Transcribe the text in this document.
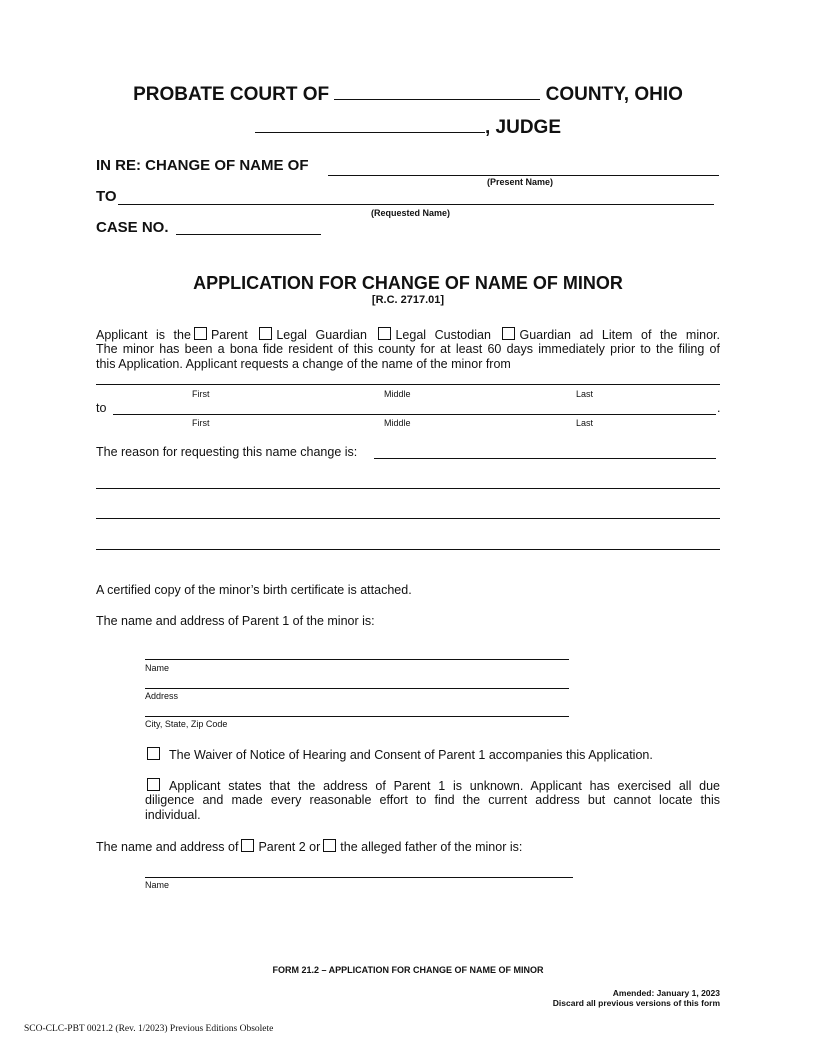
PROBATE COURT OF	COUNTY, OHIO
, JUDGE
IN RE: CHANGE OF NAME OF
(Present Name)
TO
(Requested Name)
CASE NO.
APPLICATION FOR CHANGE OF NAME OF MINOR
[R.C. 2717.01]
Applicant is the Parent Legal Guardian Legal Custodian Guardian ad Litem of the minor.
The minor has been a bona fide resident of this county for at least 60 days immediately prior to the filing of
this Application. Applicant requests a change of the name of the minor from
First	Middle	Last
to	.
First	Middle	Last
The reason for requesting this name change is:
A certified copy of the minor’s birth certificate is attached.
The name and address of Parent 1 of the minor is:
Name
Address
City, State, Zip Code
The Waiver of Notice of Hearing and Consent of Parent 1 accompanies this Application.
Applicant states that the address of Parent 1 is unknown. Applicant has exercised all due
diligence and made every reasonable effort to find the current address but cannot locate this
individual.
The name and address of Parent 2 or the alleged father of the minor is:
Name
FORM 21.2 – APPLICATION FOR CHANGE OF NAME OF MINOR
Amended: January 1, 2023
Discard all previous versions of this form
SCO-CLC-PBT 0021.2 (Rev. 1/2023) Previous Editions Obsolete
